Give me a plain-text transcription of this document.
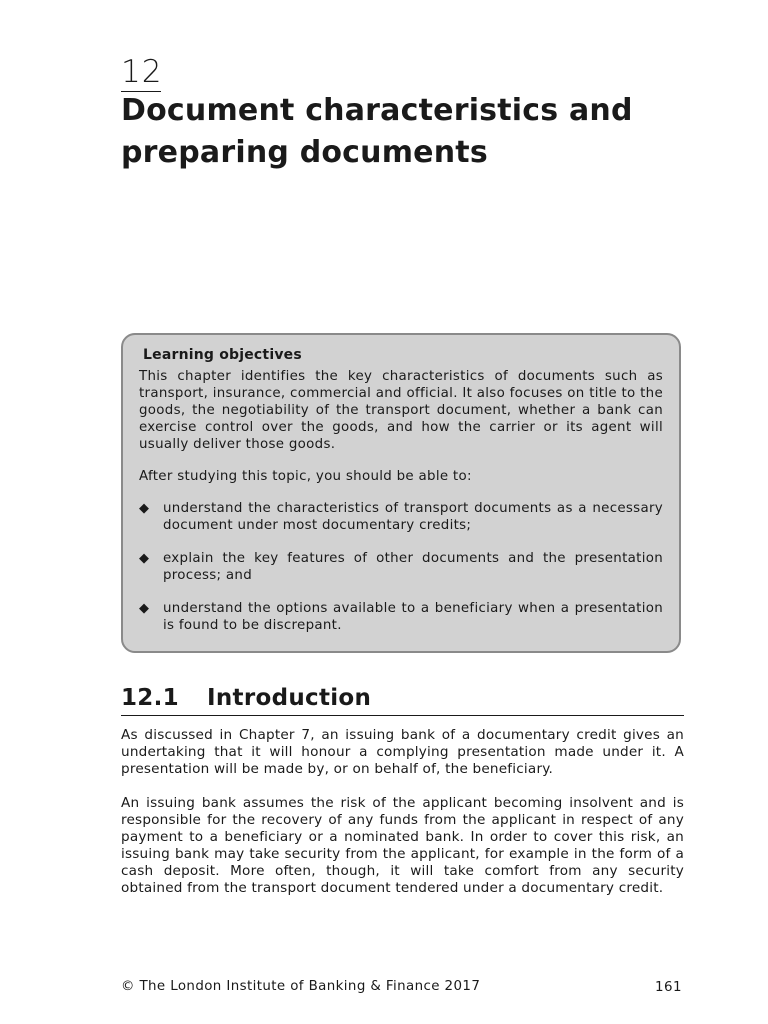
12
Document characteristics and preparing documents
Learning objectives

This chapter identifies the key characteristics of documents such as transport, insurance, commercial and official. It also focuses on title to the goods, the negotiability of the transport document, whether a bank can exercise control over the goods, and how the carrier or its agent will usually deliver those goods.

After studying this topic, you should be able to:

◆ understand the characteristics of transport documents as a necessary document under most documentary credits;
◆ explain the key features of other documents and the presentation process; and
◆ understand the options available to a beneficiary when a presentation is found to be discrepant.
12.1 Introduction

As discussed in Chapter 7, an issuing bank of a documentary credit gives an undertaking that it will honour a complying presentation made under it. A presentation will be made by, or on behalf of, the beneficiary.

An issuing bank assumes the risk of the applicant becoming insolvent and is responsible for the recovery of any funds from the applicant in respect of any payment to a beneficiary or a nominated bank. In order to cover this risk, an issuing bank may take security from the applicant, for example in the form of a cash deposit. More often, though, it will take comfort from any security obtained from the transport document tendered under a documentary credit.

© The London Institute of Banking & Finance 2017	161
